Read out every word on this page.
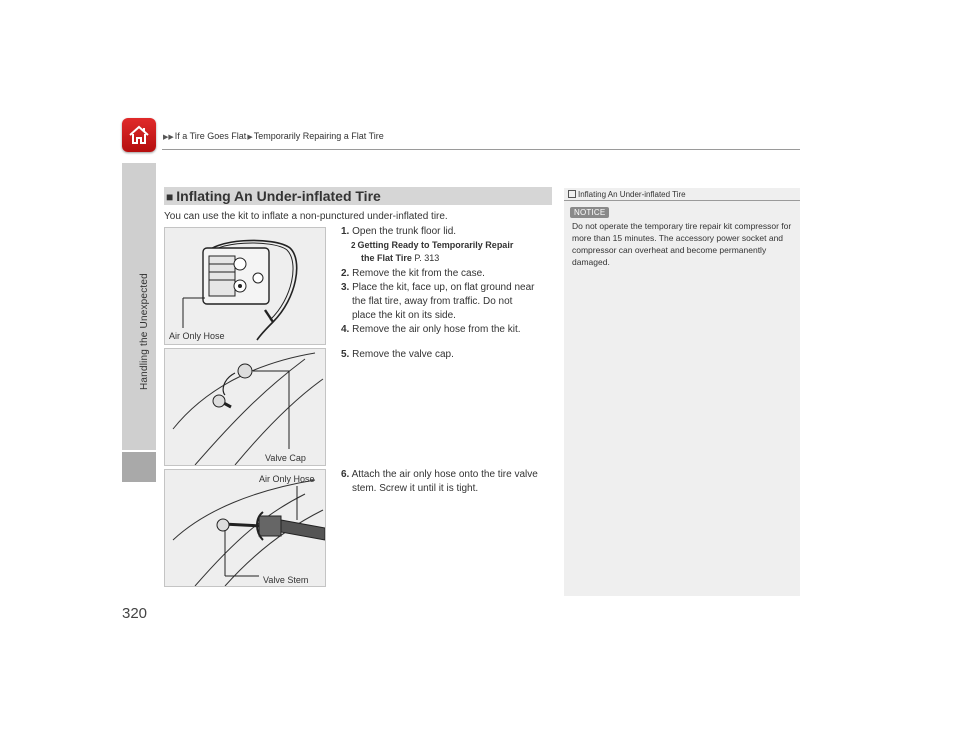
▶▶If a Tire Goes Flat▶Temporarily Repairing a Flat Tire
Handling the Unexpected
320
■ Inflating An Under-inflated Tire
You can use the kit to inflate a non-punctured under-inflated tire.
Air Only Hose
Valve Cap
Air Only Hose
Valve Stem
1. Open the trunk floor lid.
2 Getting Ready to Temporarily Repair
the Flat Tire P. 313
2. Remove the kit from the case.
3. Place the kit, face up, on flat ground near
the flat tire, away from traffic. Do not
place the kit on its side.
4. Remove the air only hose from the kit.
5. Remove the valve cap.
6. Attach the air only hose onto the tire valve
stem. Screw it until it is tight.
Inflating An Under-inflated Tire
NOTICE
Do not operate the temporary tire repair kit compressor for more than 15 minutes. The accessory power socket and compressor can overheat and become permanently damaged.
